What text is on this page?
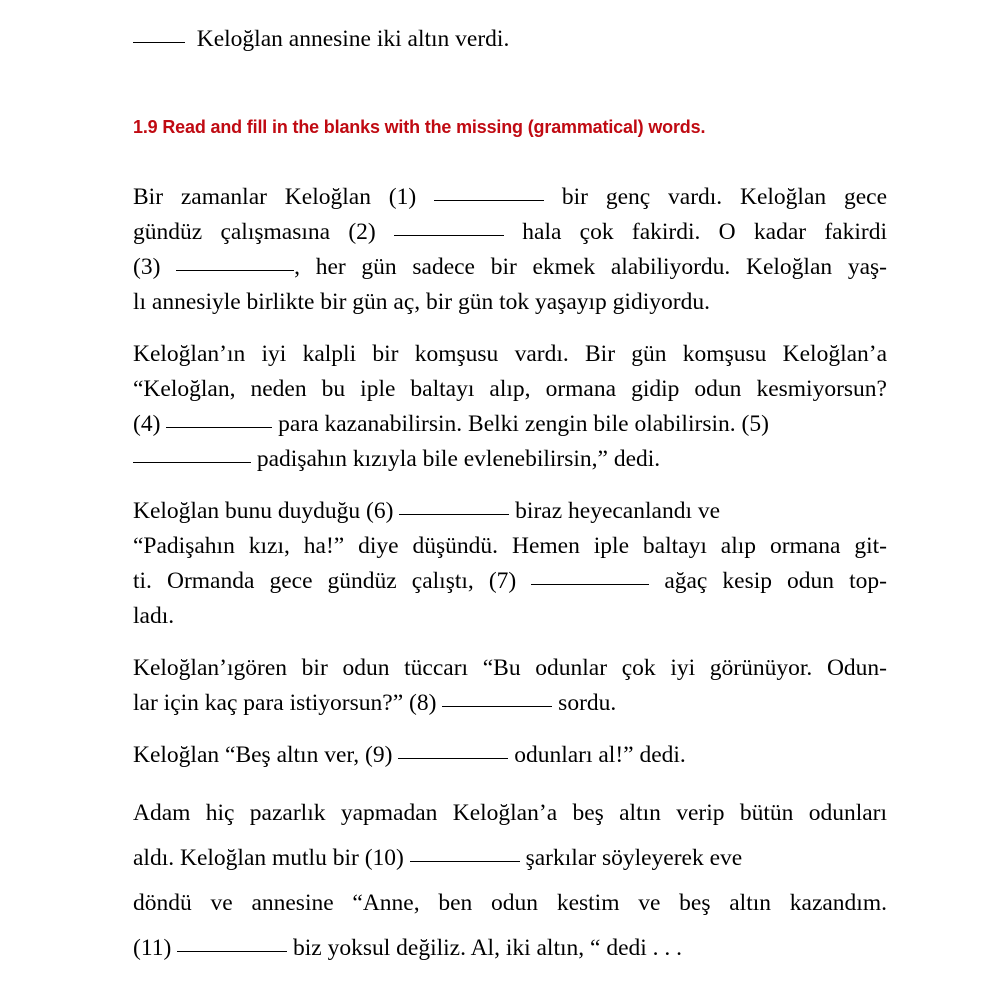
Keloğlan annesine iki altın verdi.
1.9 Read and fill in the blanks with the missing (grammatical) words.
Bir zamanlar Keloğlan (1)	bir genç vardı. Keloğlan gece
gündüz çalışmasına (2)	hala çok fakirdi. O kadar fakirdi
(3)	, her gün sadece bir ekmek alabiliyordu. Keloğlan yaş-
lı annesiyle birlikte bir gün aç, bir gün tok yaşayıp gidiyordu.
Keloğlan’ın iyi kalpli bir komşusu vardı. Bir gün komşusu Keloğlan’a
“Keloğlan, neden bu iple baltayı alıp, ormana gidip odun kesmiyorsun?
(4)	para kazanabilirsin. Belki zengin bile olabilirsin. (5)
padişahın kızıyla bile evlenebilirsin,” dedi.
Keloğlan bunu duyduğu (6)	biraz heyecanlandı ve
“Padişahın kızı, ha!” diye düşündü. Hemen iple baltayı alıp ormana git-
ti. Ormanda gece gündüz çalıştı, (7)	ağaç kesip odun top-
ladı.
Keloğlan’ıgören bir odun tüccarı “Bu odunlar çok iyi görünüyor. Odun-
lar için kaç para istiyorsun?” (8)	sordu.
Keloğlan “Beş altın ver, (9)	odunları al!” dedi.
Adam hiç pazarlık yapmadan Keloğlan’a beş altın verip bütün odunları
aldı. Keloğlan mutlu bir (10)	şarkılar söyleyerek eve
döndü ve annesine “Anne, ben odun kestim ve beş altın kazandım.
(11)	biz yoksul değiliz. Al, iki altın, “ dedi . . .
